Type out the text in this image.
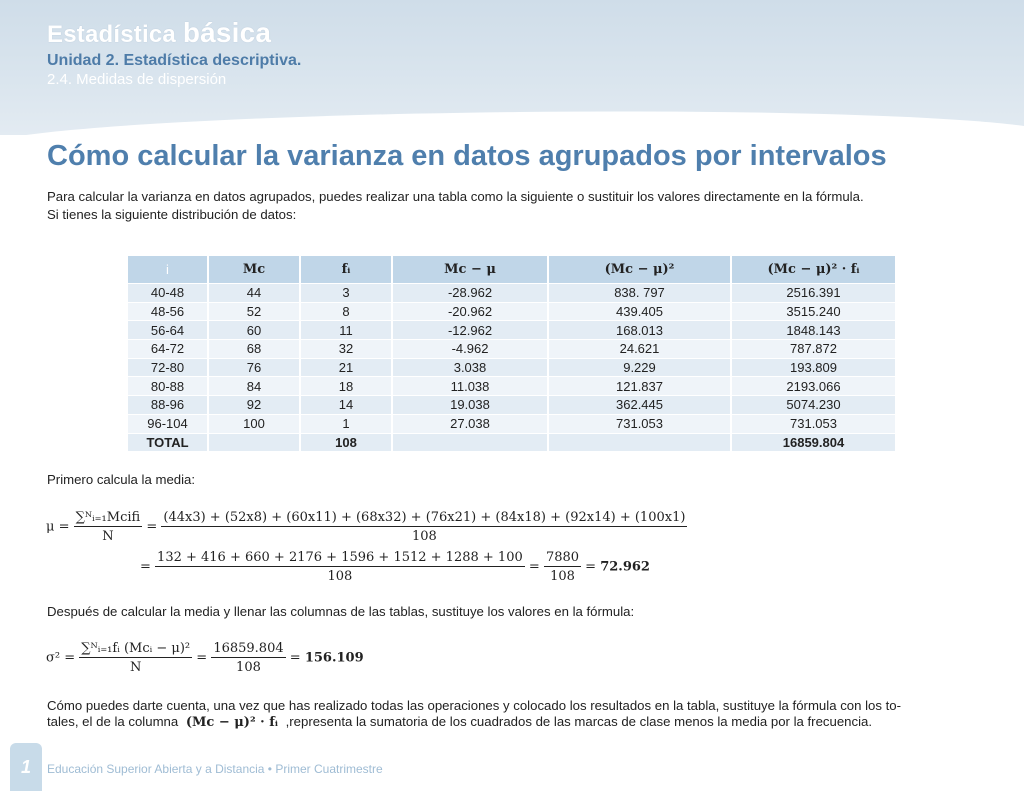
Estadística básica
Unidad 2. Estadística descriptiva.
2.4. Medidas de dispersión
Cómo calcular la varianza en datos agrupados por intervalos
Para calcular la varianza en datos agrupados, puedes realizar una tabla como la siguiente o sustituir los valores directamente en la fórmula.
Si tienes la siguiente distribución de datos:
i	Mc	fᵢ	Mc − μ	(Mc − μ)²	(Mc − μ)² · fᵢ
40-48	44	3	-28.962	838. 797	2516.391
48-56	52	8	-20.962	439.405	3515.240
56-64	60	11	-12.962	168.013	1848.143
64-72	68	32	-4.962	24.621	787.872
72-80	76	21	3.038	9.229	193.809
80-88	84	18	11.038	121.837	2193.066
88-96	92	14	19.038	362.445	5074.230
96-104	100	1	27.038	731.053	731.053
TOTAL		108			16859.804
Primero calcula la media:
$\mu = \frac{\text{∑ᴺᵢ₌₁Mcifi}}{N}$ =
(44x3) + (52x8) + (60x11) + (68x32) + (76x21) + (84x18) + (92x14) + (100x1)
108
= $\frac{132 + 416 + 660 + 2176 + 1596 + 1512 + 1288 + 100}{108} = \frac{7880}{108} = 72.962$
Después de calcular la media y llenar las columnas de las tablas, sustituye los valores en la fórmula:
$\sigma^2 = \frac{\text{∑ᴺᵢ₌₁fᵢ (Mcᵢ − μ)²}}{N} = \frac{16859.804}{108} = 156.109$
Cómo puedes darte cuenta, una vez que has realizado todas las operaciones y colocado los resultados en la tabla, sustituye la fórmula con los to-
tales, el de la columna (Mc − μ)² · fᵢ ,representa la sumatoria de los cuadrados de las marcas de clase menos la media por la frecuencia.
1	Educación Superior Abierta y a Distancia • Primer Cuatrimestre
